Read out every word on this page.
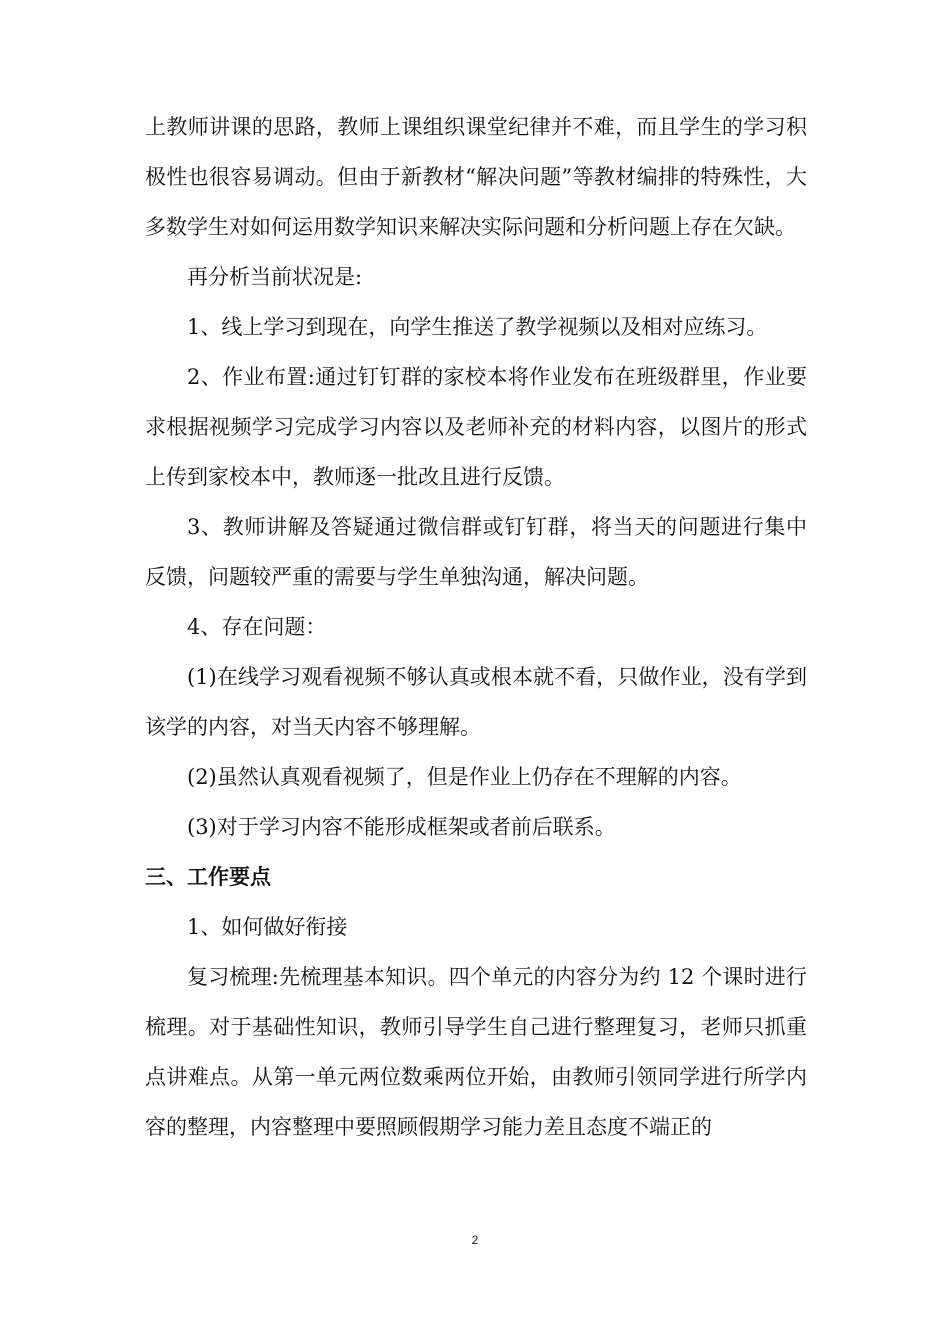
上教师讲课的思路，教师上课组织课堂纪律并不难，而且学生的学习积极性也很容易调动。但由于新教材“解决问题”等教材编排的特殊性，大多数学生对如何运用数学知识来解决实际问题和分析问题上存在欠缺。

再分析当前状况是:

1、线上学习到现在，向学生推送了教学视频以及相对应练习。

2、作业布置:通过钉钉群的家校本将作业发布在班级群里，作业要求根据视频学习完成学习内容以及老师补充的材料内容，以图片的形式上传到家校本中，教师逐一批改且进行反馈。

3、教师讲解及答疑通过微信群或钉钉群，将当天的问题进行集中反馈，问题较严重的需要与学生单独沟通，解决问题。

4、存在问题：

(1)在线学习观看视频不够认真或根本就不看，只做作业，没有学到该学的内容，对当天内容不够理解。

(2)虽然认真观看视频了，但是作业上仍存在不理解的内容。

(3)对于学习内容不能形成框架或者前后联系。

三、工作要点

1、如何做好衔接

复习梳理:先梳理基本知识。四个单元的内容分为约 12 个课时进行梳理。对于基础性知识，教师引导学生自己进行整理复习，老师只抓重点讲难点。从第一单元两位数乘两位开始，由教师引领同学进行所学内容的整理，内容整理中要照顾假期学习能力差且态度不端正的

2
